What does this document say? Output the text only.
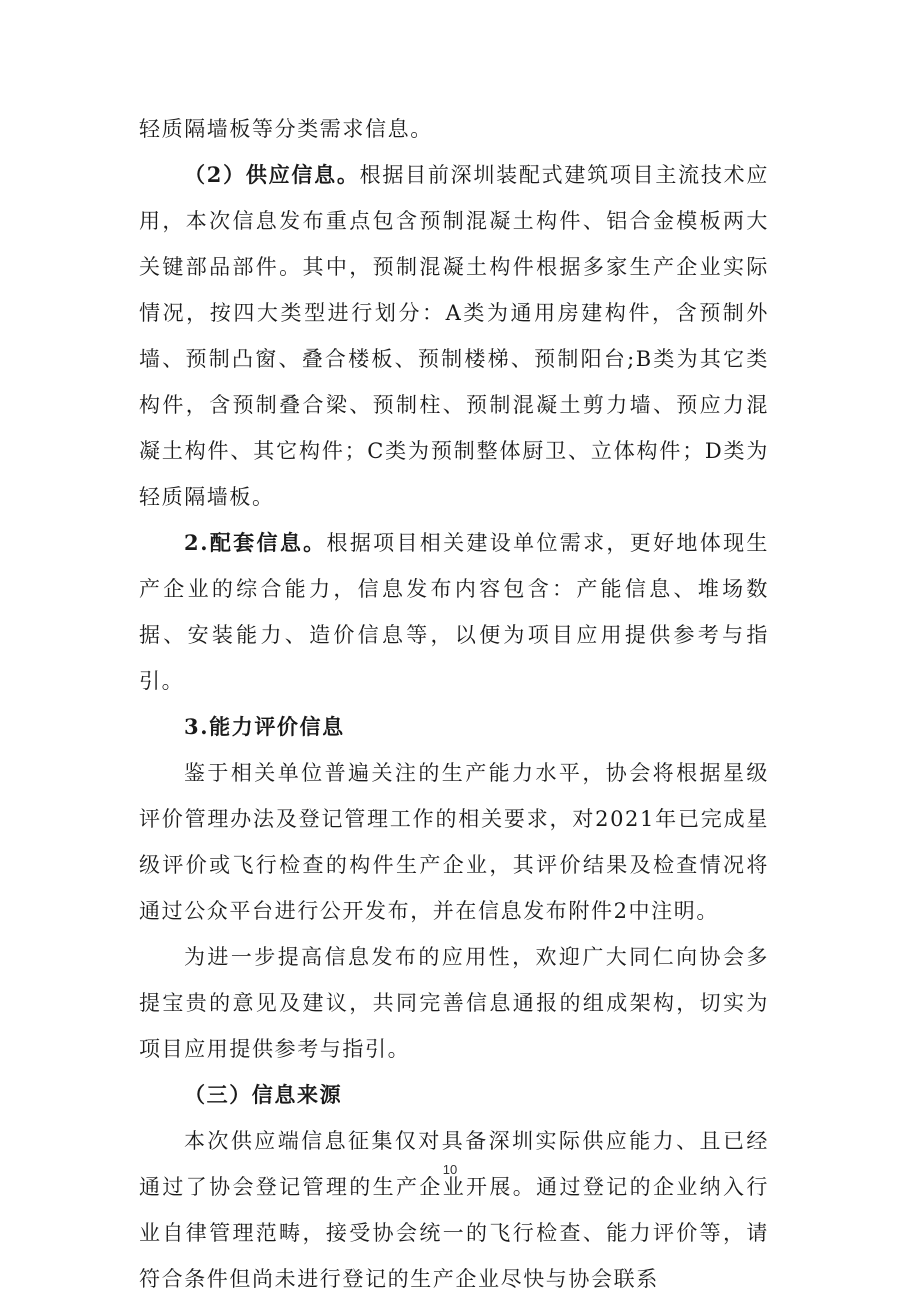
轻质隔墙板等分类需求信息。

（2）供应信息。根据目前深圳装配式建筑项目主流技术应用，本次信息发布重点包含预制混凝土构件、铝合金模板两大关键部品部件。其中，预制混凝土构件根据多家生产企业实际情况，按四大类型进行划分：A类为通用房建构件，含预制外墙、预制凸窗、叠合楼板、预制楼梯、预制阳台;B类为其它类构件，含预制叠合梁、预制柱、预制混凝土剪力墙、预应力混凝土构件、其它构件；C类为预制整体厨卫、立体构件；D类为轻质隔墙板。

2.配套信息。根据项目相关建设单位需求，更好地体现生产企业的综合能力，信息发布内容包含：产能信息、堆场数据、安装能力、造价信息等，以便为项目应用提供参考与指引。

3.能力评价信息

鉴于相关单位普遍关注的生产能力水平，协会将根据星级评价管理办法及登记管理工作的相关要求，对2021年已完成星级评价或飞行检查的构件生产企业，其评价结果及检查情况将通过公众平台进行公开发布，并在信息发布附件2中注明。

为进一步提高信息发布的应用性，欢迎广大同仁向协会多提宝贵的意见及建议，共同完善信息通报的组成架构，切实为项目应用提供参考与指引。

（三）信息来源

本次供应端信息征集仅对具备深圳实际供应能力、且已经通过了协会登记管理的生产企业开展。通过登记的企业纳入行业自律管理范畴，接受协会统一的飞行检查、能力评价等，请符合条件但尚未进行登记的生产企业尽快与协会联系

10
